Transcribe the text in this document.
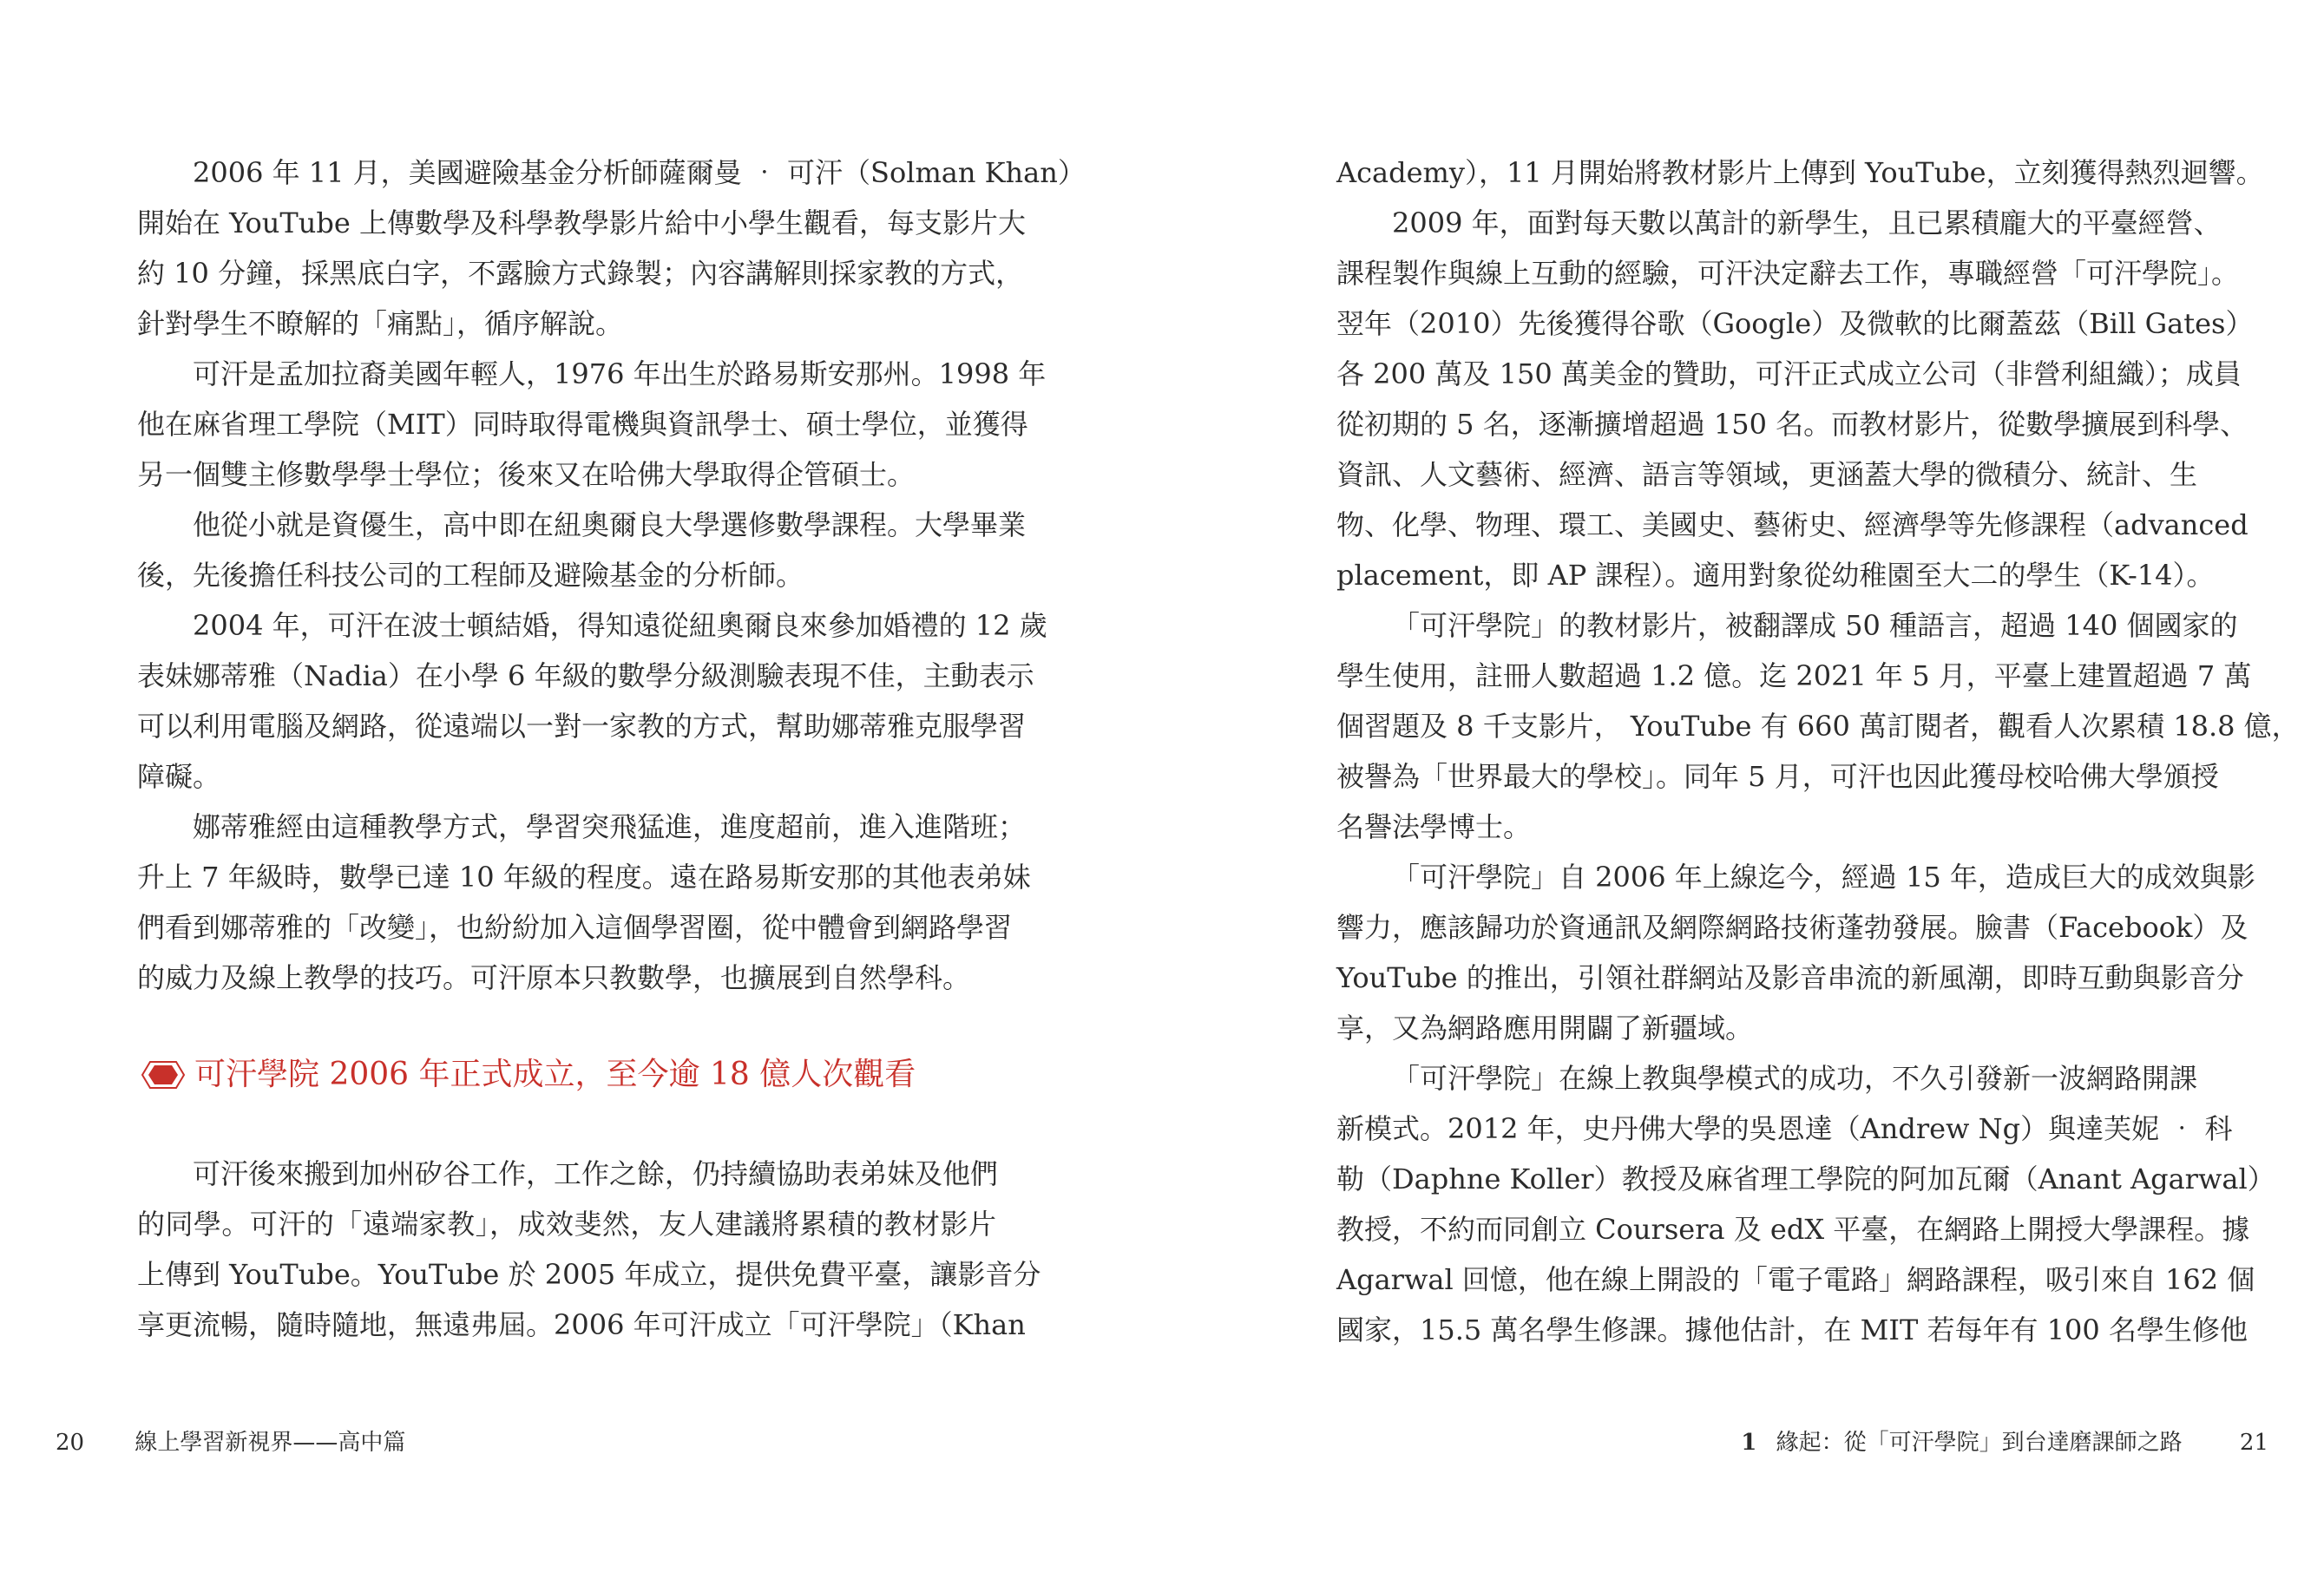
2006 年 11 月，美國避險基金分析師薩爾曼 ‧ 可汗（Solman Khan）
開始在 YouTube 上傳數學及科學教學影片給中小學生觀看，每支影片大
約 10 分鐘，採黑底白字，不露臉方式錄製；內容講解則採家教的方式，
針對學生不瞭解的「痛點」，循序解說。
可汗是孟加拉裔美國年輕人，1976 年出生於路易斯安那州。1998 年
他在麻省理工學院（MIT）同時取得電機與資訊學士、碩士學位，並獲得
另一個雙主修數學學士學位；後來又在哈佛大學取得企管碩士。
他從小就是資優生，高中即在紐奧爾良大學選修數學課程。大學畢業
後，先後擔任科技公司的工程師及避險基金的分析師。
2004 年，可汗在波士頓結婚，得知遠從紐奧爾良來參加婚禮的 12 歲
表妹娜蒂雅（Nadia）在小學 6 年級的數學分級測驗表現不佳，主動表示
可以利用電腦及網路，從遠端以一對一家教的方式，幫助娜蒂雅克服學習
障礙。
娜蒂雅經由這種教學方式，學習突飛猛進，進度超前，進入進階班；
升上 7 年級時，數學已達 10 年級的程度。遠在路易斯安那的其他表弟妹
們看到娜蒂雅的「改變」，也紛紛加入這個學習圈，從中體會到網路學習
的威力及線上教學的技巧。可汗原本只教數學，也擴展到自然學科。
可汗學院 2006 年正式成立，至今逾 18 億人次觀看
可汗後來搬到加州矽谷工作，工作之餘，仍持續協助表弟妹及他們
的同學。可汗的「遠端家教」，成效斐然，友人建議將累積的教材影片
上傳到 YouTube。YouTube 於 2005 年成立，提供免費平臺，讓影音分
享更流暢，隨時隨地，無遠弗屆。2006 年可汗成立「可汗學院」（Khan
20 線上學習新視界——高中篇
Academy），11 月開始將教材影片上傳到 YouTube，立刻獲得熱烈迴響。
2009 年，面對每天數以萬計的新學生，且已累積龐大的平臺經營、
課程製作與線上互動的經驗，可汗決定辭去工作，專職經營「可汗學院」。
翌年（2010）先後獲得谷歌（Google）及微軟的比爾蓋茲（Bill Gates）
各 200 萬及 150 萬美金的贊助，可汗正式成立公司（非營利組織）；成員
從初期的 5 名，逐漸擴增超過 150 名。而教材影片，從數學擴展到科學、
資訊、人文藝術、經濟、語言等領域，更涵蓋大學的微積分、統計、生
物、化學、物理、環工、美國史、藝術史、經濟學等先修課程（advanced
placement，即 AP 課程）。適用對象從幼稚園至大二的學生（K-14）。
「可汗學院」的教材影片，被翻譯成 50 種語言，超過 140 個國家的
學生使用，註冊人數超過 1.2 億。迄 2021 年 5 月，平臺上建置超過 7 萬
個習題及 8 千支影片， YouTube 有 660 萬訂閱者，觀看人次累積 18.8 億，
被譽為「世界最大的學校」。同年 5 月，可汗也因此獲母校哈佛大學頒授
名譽法學博士。
「可汗學院」自 2006 年上線迄今，經過 15 年，造成巨大的成效與影
響力，應該歸功於資通訊及網際網路技術蓬勃發展。臉書（Facebook）及
YouTube 的推出，引領社群網站及影音串流的新風潮，即時互動與影音分
享，又為網路應用開闢了新疆域。
「可汗學院」在線上教與學模式的成功，不久引發新一波網路開課
新模式。2012 年，史丹佛大學的吳恩達（Andrew Ng）與達芙妮 ‧ 科
勒（Daphne Koller）教授及麻省理工學院的阿加瓦爾（Anant Agarwal）
教授，不約而同創立 Coursera 及 edX 平臺，在網路上開授大學課程。據
Agarwal 回憶，他在線上開設的「電子電路」網路課程，吸引來自 162 個
國家，15.5 萬名學生修課。據他估計，在 MIT 若每年有 100 名學生修他
1 緣起：從「可汗學院」到台達磨課師之路	21
